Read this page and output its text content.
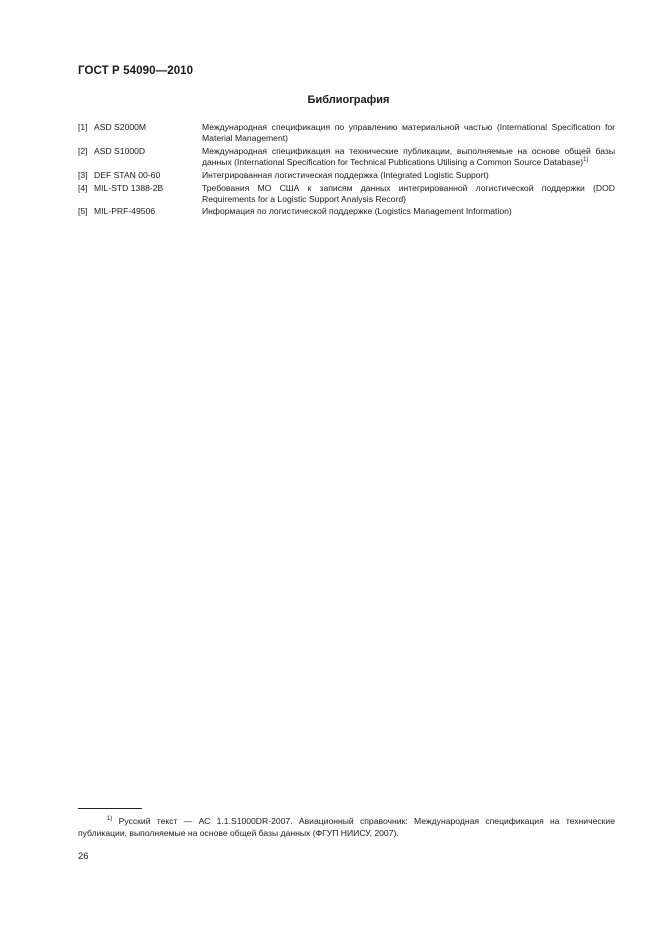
ГОСТ Р 54090—2010
Библиография
[1] ASD S2000M	Международная спецификация по управлению материальной частью (International Specification for Material Management)
[2] ASD S1000D	Международная спецификация на технические публикации, выполняемые на основе общей базы данных (International Specification for Technical Publications Utilising a Common Source Database)$^{1)}$
[3] DEF STAN 00-60	Интегрированная логистическая поддержка (Integrated Logistic Support)
[4] MIL-STD 1388-2B	Требования МО США к записям данных интегрированной логистической поддержки (DOD Requirements for a Logistic Support Analysis Record)
[5] MIL-PRF-49506	Информация по логистической поддержке (Logistics Management Information)
$^{1)}$ Русский текст — АС 1.1.S1000DR-2007. Авиационный справочник: Международная спецификация на технические публикации, выполняемые на основе общей базы данных (ФГУП НИИСУ, 2007).
26
